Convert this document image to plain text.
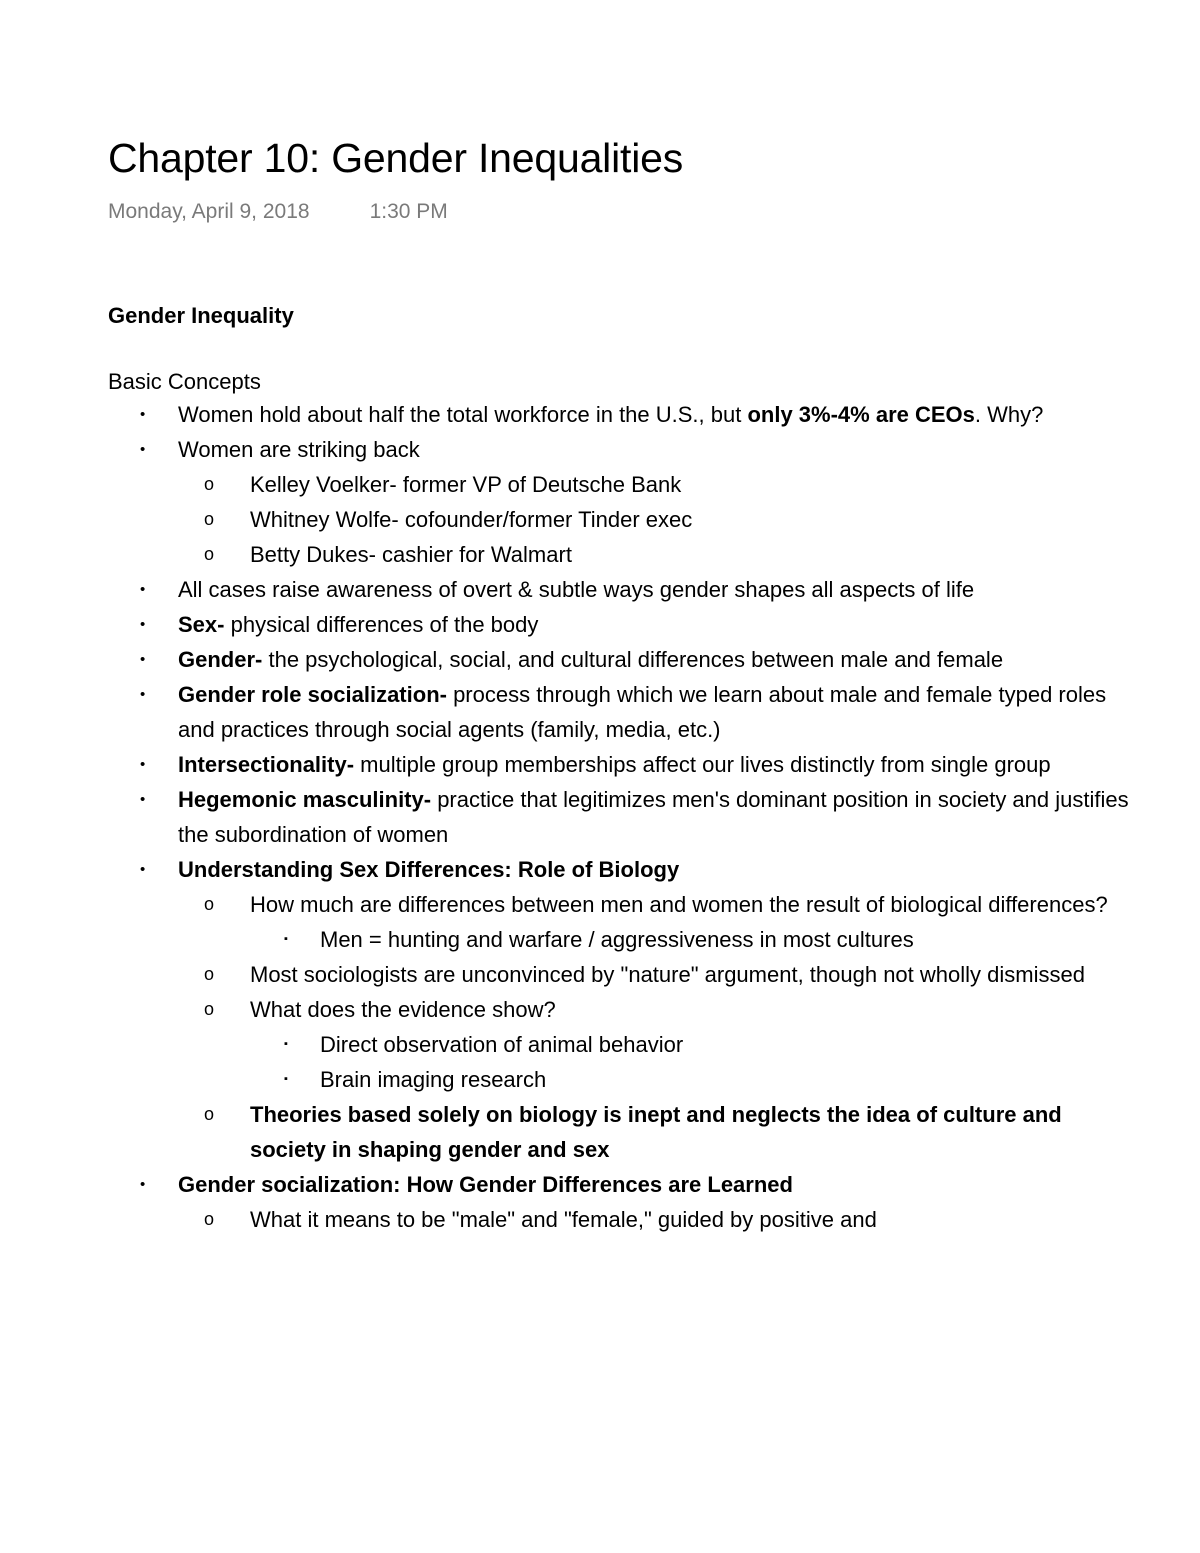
Chapter 10: Gender Inequalities
Monday, April 9, 2018	1:30 PM
Gender Inequality
Basic Concepts
• Women hold about half the total workforce in the U.S., but only 3%-4% are CEOs. Why?
• Women are striking back
o Kelley Voelker- former VP of Deutsche Bank
o Whitney Wolfe- cofounder/former Tinder exec
o Betty Dukes- cashier for Walmart
• All cases raise awareness of overt & subtle ways gender shapes all aspects of life
• Sex- physical differences of the body
• Gender- the psychological, social, and cultural differences between male and female
• Gender role socialization- process through which we learn about male and female typed roles and practices through social agents (family, media, etc.)
• Intersectionality- multiple group memberships affect our lives distinctly from single group
• Hegemonic masculinity- practice that legitimizes men's dominant position in society and justifies the subordination of women
• Understanding Sex Differences: Role of Biology
o How much are differences between men and women the result of biological differences?
▪ Men = hunting and warfare / aggressiveness in most cultures
o Most sociologists are unconvinced by "nature" argument, though not wholly dismissed
o What does the evidence show?
▪ Direct observation of animal behavior
▪ Brain imaging research
o Theories based solely on biology is inept and neglects the idea of culture and society in shaping gender and sex
• Gender socialization: How Gender Differences are Learned
o What it means to be "male" and "female," guided by positive and
